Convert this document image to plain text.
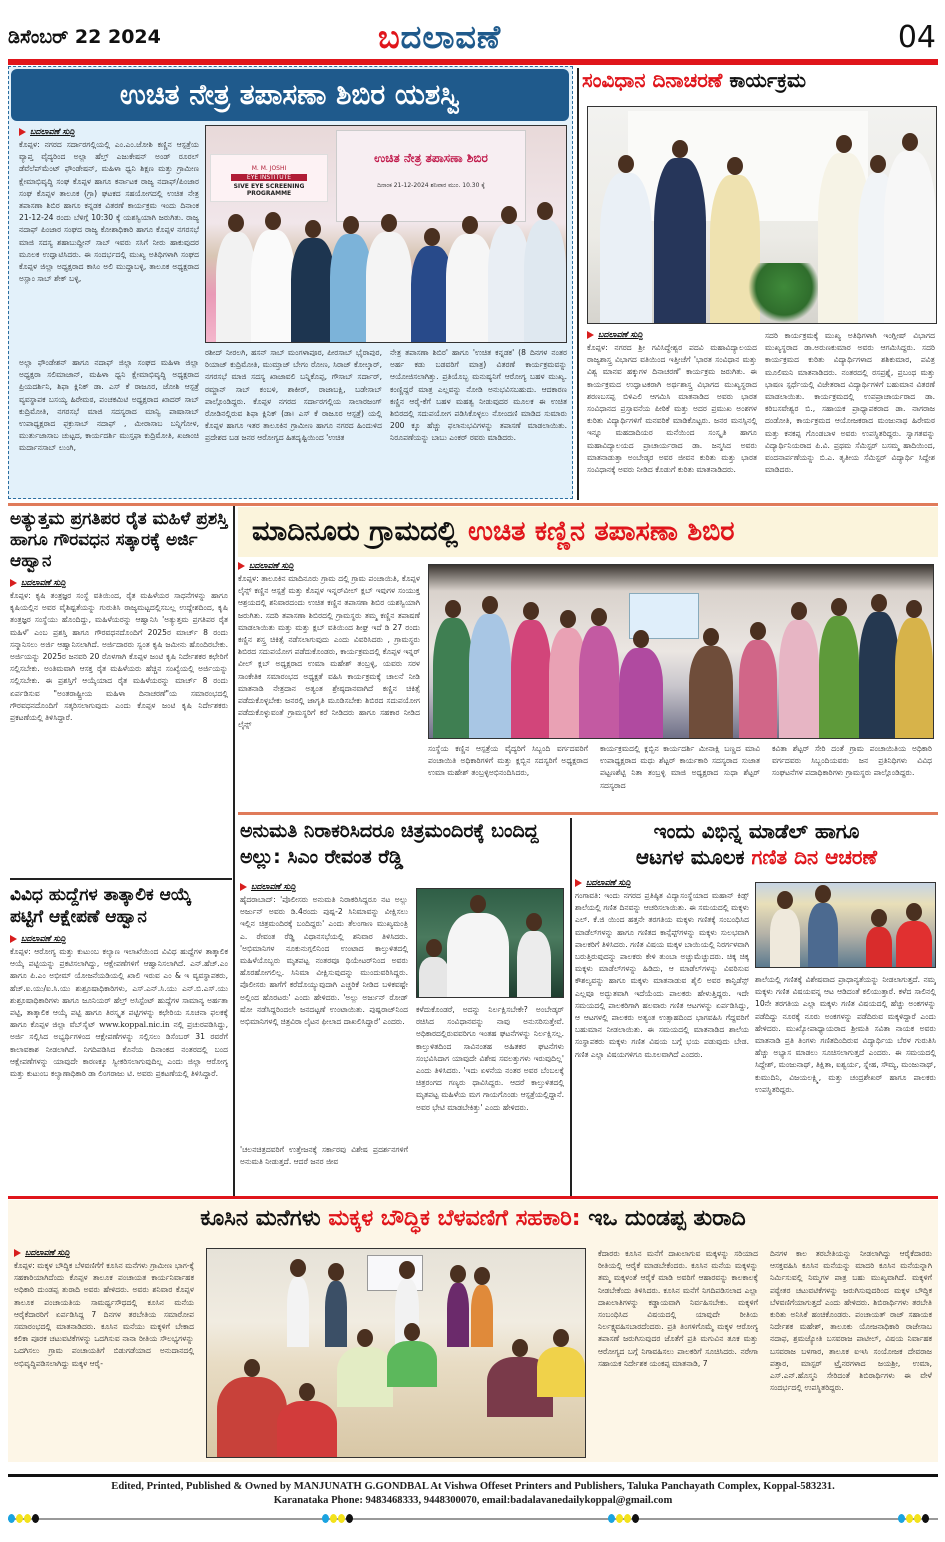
ಡಿಸೆಂಬರ್ 22 2024	ಬದಲಾವಣೆ	04
ಉಚಿತ ನೇತ್ರ ತಪಾಸಣಾ ಶಿಬಿರ ಯಶಸ್ವಿ
ಬದಲಾವಣೆ ಸುದ್ದಿ
ಕೊಪ್ಪಳ: ನಗರದ ಸರ್ದಾರಗಲ್ಲಿಯಲ್ಲಿ ಎಂ.ಎಂ.ಜೋಶಿ ಕಣ್ಣಿನ ಆಸ್ಪತ್ರೆಯ ವ್ಯಾಪ್ತ ವೈದ್ಯರಿಂದ ಅಲ್ಲಾ ಹೆಲ್ತ್ ಎಜುಕೇಷನ್ ಅಂಡ್ ರೂರಲ್ ಡೆವೆಲೆಪ್‌ಮೆಂಟ್ ಫೌಂಡೇಷನ್, ಮಹಿಳಾ ಧ್ವನಿ ಶಿಕ್ಷಣ ಮತ್ತು ಗ್ರಾಮೀಣ ಕ್ಷೇಮಾಭಿವೃದ್ಧಿ ಸಂಘ ಕೊಪ್ಪಳ ಹಾಗೂ ಕರ್ನಾಟಕ ರಾಜ್ಯ ನದಾಫ್/ಪಿಂಜಾರ ಸಂಘ ಕೊಪ್ಪಳ ತಾಲೂಕ (ಗ್ರಾ) ಘಟಕದ ಸಹಯೋಗದಲ್ಲಿ ಉಚಿತ ನೇತ್ರ ತಪಾಸಣಾ ಶಿಬಿರ ಹಾಗೂ ಕನ್ನಡಕ ವಿತರಣೆ ಕಾರ್ಯಕ್ರಮ ಇಂದು ದಿನಾಂಕ 21-12-24 ರಂದು ಬೆಳಿಗ್ಗೆ 10:30 ಕ್ಕೆ ಯಶಸ್ವಿಯಾಗಿ ಜರುಗಿತು. ರಾಜ್ಯ ನದಾಫ್ ಪಿಂಜಾರ ಸಂಘದ ರಾಜ್ಯ ಕೋಶಾಧಿಕಾರಿ ಹಾಗೂ ಕೊಪ್ಪಳ ನಗರಸಭೆ ಮಾಜಿ ಸದಸ್ಯ ಶಹಾಬುದ್ದೀನ್ ಸಾಬ್ ಇವರು ಸಸಿಗೆ ನೀರು ಹಾಕುವುದರ ಮೂಲಕ ಉದ್ಘಾಟಿಸಿದರು. ಈ ಸಂದರ್ಭದಲ್ಲಿ ಮುಖ್ಯ ಅತಿಥಿಗಳಾಗಿ ಸಂಘದ ಕೊಪ್ಪಳ ಜಿಲ್ಲಾ ಅಧ್ಯಕ್ಷರಾದ ಕಾಸಿಂ ಅಲಿ ಮುದ್ದಾಬಳ್ಳಿ, ತಾಲೂಕ ಅಧ್ಯಕ್ಷರಾದ ಅಸ್ಲಾಂ ಸಾಬ್ ಶೇಕ್ ಬಳ್ಳಿ,
ಉಚಿತ ನೇತ್ರ ತಪಾಸಣಾ ಶಿಬಿರ
ದಿನಾಂಕ 21-12-2024 ಶನಿವಾರ ಮುಂ. 10.30 ಕ್ಕೆ
M. M. JOSHI
EYE INSTITUTE
SIVE EYE SCREENING PROGRAMME
ರಶೀದ್ ನೀರಲಗಿ, ಹಸನ್ ಸಾಬ್ ಮಂಗಳಾಪೂರ, ಪೀರಸಾಬ್ ಭೈರಾಪುರ, ರಿಯಾಜ್ ಕುದ್ರಿಮೋತಿ, ಮುಮ್ತಾಜ್ ಬೇಗಂ ರೋಣ, ಸಿರಾಜ್ ಕೋಲ್ಕಾರ್, ನಗರಸಭೆ ಮಾಜಿ ಸದಸ್ಯ ಖಾಜಾವಲಿ ಬನ್ನಿಕೊಪ್ಪ, ಗೌಸಾಬ್ ಸರ್ದಾರ್, ರಮ್ಜಾನ್ ಸಾಬ್ ಕಂಬಳಿ, ಶಾಕೀರ್, ರಾಜಾಬಕ್ಷಿ, ಬಡೇಸಾಬ್ ಪಾಲ್ಗೊಂಡಿದ್ದರು. ಕೊಪ್ಪಳ ನಗರದ ಸರ್ದಾರಗಲ್ಲಿಯ ಸಾಲಾರಜಂಗ್ ರೋಡಿನಲ್ಲಿರುವ ಶಿಫಾ ಕ್ಲಿನಿಕ್ (ಡಾ। ಎಸ್ ಕೆ ರಾಜೂರ ಆಸ್ಪತ್ರೆ) ಯಲ್ಲಿ ಕೊಪ್ಪಳ ಹಾಗೂ ಇತರ ತಾಲೂಕಿನ ಗ್ರಾಮೀಣ ಹಾಗೂ ನಗರದ ಹಿಂದುಳಿದ ಪ್ರದೇಶದ ಬಡ ಜನರ ಆರೋಗ್ಯದ ಹಿತದೃಷ್ಟಿಯಿಂದ 'ಉಚಿತ
ನೇತ್ರ ತಪಾಸಣಾ ಶಿಬಿರ' ಹಾಗೂ 'ಉಚಿತ ಕನ್ನಡಕ' (8 ದಿನಗಳ ನಂತರ ಅರ್ಹ ಕಡು ಬಡವರಿಗೆ ಮಾತ್ರ) ವಿತರಣೆ ಕಾರ್ಯಕ್ರಮವನ್ನು ಆಯೋಜಿಸಲಾಗಿತ್ತು. ಪ್ರತಿಯೊಬ್ಬ ಮನುಷ್ಯನಿಗೆ ಆರೋಗ್ಯ ಬಹಳ ಮುಖ್ಯ. ಕಂಣ್ಣಿದ್ದರೆ ಮಾತ್ರ ಎಲ್ಲವನ್ನು ನೋಡಿ ಅನುಭವಿಸಬಹುದು. ಆದಕಾರಣ ಕಣ್ಣಿನ ಆರೈ-ಕೆಗೆ ಬಹಳ ಮಹತ್ವ ನೀಡುವುದರ ಮೂಲಕ ಈ ಉಚಿತ ಶಿಬಿರದಲ್ಲಿ ಸದುಪಯೋಗ ಪಡಿಸಿಕೊಳ್ಳಲು ನೋಂದಣಿ ಮಾಡಿದ ಸುಮಾರು 200 ಕ್ಕೂ ಹೆಚ್ಚು ಫಲಾನುಭವಿಗಳನ್ನು ತಪಾಸಣೆ ಮಾಡಲಾಯಿತು. ನಿರೂಪಣೆಯನ್ನು ಬಾಬು ಎಂಕರ್ ರವರು ಮಾಡಿದರು.
ಅಲ್ಲಾ ಫೌಂಡೇಶನ್ ಹಾಗೂ ನದಾಫ್ ಜಿಲ್ಲಾ ಸಂಘದ ಮಹಿಳಾ ಜಿಲ್ಲಾ ಅಧ್ಯಕ್ಷರಾ ಸಲಿಮಾಜಾನ್, ಮಹಿಳಾ ಧ್ವನಿ ಕ್ಷೇಮಾಭಿವೃದ್ಧಿ ಅಧ್ಯಕ್ಷರಾದ ಪ್ರಿಯದರ್ಶಿನಿ, ಶಿಫಾ ಕ್ಲಿನಿಕ್ ಡಾ. ಎಸ್ ಕೆ ರಾಜೂರ, ಜೋಶಿ ಆಸ್ಪತ್ರೆ ವ್ಯವಸ್ಥಾಪಕ ಬಸಯ್ಯ ಹಿರೇಮಠ, ಪಂಚಕಮಿಟಿ ಅಧ್ಯಕ್ಷರಾದ ಖಾದರ್ ಸಾಬ್ ಕುದ್ರಿಮೋತಿ, ನಗರಸಭೆ ಮಾಜಿ ಸದಸ್ಯರಾದ ಮಾನ್ವಿ ಪಾಷಾಸಾಬ್ ಉಪಾಧ್ಯಕ್ಷರಾದ ಫಕ್ರುಸಾಬ್ ನದಾಫ್ , ಮೀರಾಸಾಬ ಬನ್ನಿಗೋಳ, ಮುರ್ತುಜಾಸಾಬ ಚುಟ್ಟದ, ಕಾರ್ಯದರ್ಶಿ ಮುಸ್ತಫಾ ಕುದ್ರಿಮೋತಿ, ಖಜಾಂಚಿ ಮರ್ದಾನಸಾಬ್ ಲುಂಗಿ,
ಸಂವಿಧಾನ ದಿನಾಚರಣೆ ಕಾರ್ಯಕ್ರಮ
ಬದಲಾವಣೆ ಸುದ್ದಿ
ಕೊಪ್ಪಳ: ನಗರದ ಶ್ರೀ ಗವಿಸಿದ್ಧೇಶ್ವರ ಪದವಿ ಮಹಾವಿದ್ಯಾಲಯದ ರಾಜ್ಯಶಾಸ್ತ್ರ ವಿಭಾಗದ ವತಿಯಿಂದ ಇತ್ತೀಚೆಗೆ 'ಭಾರತ ಸಂವಿಧಾನ ಮತ್ತು ವಿಶ್ವ ಮಾನವ ಹಕ್ಕುಗಳ ದಿನಾಚರಣೆ' ಕಾರ್ಯಕ್ರಮ ಜರುಗಿತು. ಈ ಕಾರ್ಯಕ್ರಮದ ಉದ್ಘಾಟಕರಾಗಿ ಅರ್ಥಶಾಸ್ತ್ರ ವಿಭಾಗದ ಮುಖ್ಯಸ್ಥರಾದ ಶರಣಬಸಪ್ಪ ಬಿಳಿಎಲಿ ಆಗಮಿಸಿ ಮಾತನಾಡಿದ ಅವರು ಭಾರತ ಸಂವಿಧಾನದ ಪ್ರಸ್ತಾವನೆಯ ಪೀಠಿಕೆ ಮತ್ತು ಅದರ ಪ್ರಮುಖ ಅಂಶಗಳ ಕುರಿತು ವಿದ್ಯಾರ್ಥಿಗಳಿಗೆ ಮನವರಿಕೆ ಮಾಡಿಕೊಟ್ಟರು. ಜನರ ಮನಸ್ಸಿನಲ್ಲಿ ಇನ್ನೂ ಮಹದಾದಿಯರ ಮನೆಯಿಂದ ಸಂಸ್ಕೃತಿ ಹಾಗೂ ಮಹಾವಿದ್ಯಾಲಯದ ಪ್ರಾಚಾರ್ಯರಾದ ಡಾ. ಜನ್ಮಸಿದ ಅವರು ಮಾತನಾಡುತ್ತಾ ಅಂಬೇಡ್ಕರ ಅವರ ಜೀವನ ಕುರಿತು ಮತ್ತು ಭಾರತ ಸಂವಿಧಾನಕ್ಕೆ ಅವರು ನೀಡಿದ ಕೊಡುಗೆ ಕುರಿತು ಮಾತನಾಡಿದರು.
ಸದರಿ ಕಾರ್ಯಕ್ರಮಕ್ಕೆ ಮುಖ್ಯ ಅತಿಥಿಗಳಾಗಿ ಇಂಗ್ಲೀಷ್ ವಿಭಾಗದ ಮುಖ್ಯಸ್ಥರಾದ ಡಾ.ಅರುಣಕುಮಾರ ಅವರು ಆಗಮಿಸಿದ್ದರು. ಸದರಿ ಕಾರ್ಯಕ್ರಮದ ಕುರಿತು ವಿದ್ಯಾರ್ಥಿಗಳಾದ ಶಶಿಕುಮಾರ, ಪವಿತ್ರ ಮೂಲಿಮನಿ ಮಾತನಾಡಿದರು. ನಂತರದಲ್ಲಿ ರಸಪ್ರಶ್ನೆ, ಪ್ರಬಂಧ ಮತ್ತು ಭಾಷಣ ಸ್ಪರ್ಧೆಯಲ್ಲಿ ವಿಜೇತರಾದ ವಿದ್ಯಾರ್ಥಿಗಳಿಗೆ ಬಹುಮಾನ ವಿತರಣೆ ಮಾಡಲಾಯಿತು. ಕಾರ್ಯಕ್ರಮದಲ್ಲಿ ಉಪಪ್ರಾಚಾರ್ಯರಾದ ಡಾ. ಕರಿಬಸವೇಶ್ವರ ಬಿ., ಸಹಾಯಕ ಪ್ರಾಧ್ಯಾಪಕರಾದ ಡಾ. ನಾಗರಾಜ ದಂಡೋತಿ, ಕಾರ್ಯಕ್ರಮದ ಆಯೋಜಕರಾದ ಮಂಜುನಾಥ ಹಿರೇಮಠ ಮತ್ತು ಕನಕಪ್ಪ ಗೊಂಡಬಾಳ ಅವರು ಉಪಸ್ಥಿತರಿದ್ದರು. ಸ್ವಾಗತವನ್ನು ವಿದ್ಯಾರ್ಥಿನಿಯರಾದ ಪಿ.ವಿ. ಪ್ರಥಮ ಸೆಮಿಸ್ಟರ್ ಬಸಮ್ಮ ಹಾದಿಯಿಂದ, ವಂದನಾರ್ಪಣೆಯನ್ನು ಬಿ.ಎ. ತೃತೀಯ ಸೆಮಿಸ್ಟರ್ ವಿದ್ಯಾರ್ಥಿ ಸಿದ್ದೇಶ ಮಾಡಿದರು.
ಅತ್ಯುತ್ತಮ ಪ್ರಗತಿಪರ ರೈತ ಮಹಿಳೆ ಪ್ರಶಸ್ತಿ ಹಾಗೂ ಗೌರವಧನ ಸತ್ಕಾರಕ್ಕೆ ಅರ್ಜಿ ಆಹ್ವಾನ
ಬದಲಾವಣೆ ಸುದ್ದಿ
ಕೊಪ್ಪಳ: ಕೃಷಿ ತಂತ್ರಜ್ಞರ ಸಂಸ್ಥೆ ವತಿಯಿಂದ, ರೈತ ಮಹಿಳೆಯರ ಸಾಧನೆಗಳನ್ನು ಹಾಗೂ ಕೃಷಿಯಲ್ಲಿನ ಅವರ ವೈಶಿಷ್ಟತೆಯನ್ನು ಗುರುತಿಸಿ ರಾಜ್ಯಮಟ್ಟದಲ್ಲಿಸಬಲ್ಲ ಉದ್ದೇಶದಿಂದ, ಕೃಷಿ ತಂತ್ರಜ್ಞರ ಸಂಸ್ಥೆಯು ಹೊಂದಿದ್ದು, ಮಹಿಳೆಯರನ್ನು ಆಹ್ವಾನಿಸಿ 'ಅತ್ಯುತ್ತಮ ಪ್ರಗತಿಪರ ರೈತ ಮಹಿಳೆ' ಎಂಬ ಪ್ರಶಸ್ತಿ ಹಾಗೂ ಗೌರವಧನದೊಂದಿಗೆ 2025ರ ಮಾರ್ಚ್ 8 ರಂದು ಸನ್ಮಾನಿಸಲು ಅರ್ಜಿ ಆಹ್ವಾನಿಸಲಾಗಿದೆ. ಅರ್ಜಿದಾರರು ಸ್ವಂತ ಕೃಷಿ ಜಮೀನು ಹೊಂದಿರಬೇಕು. ಅರ್ಜಿಯನ್ನು 2025ರ ಜನವರಿ 20 ರೊಳಗಾಗಿ ಕೊಪ್ಪಳ ಜಂಟಿ ಕೃಷಿ ನಿರ್ದೇಶಕರ ಕಛೇರಿಗೆ ಸಲ್ಲಿಸಬೇಕು. ಅಂತಿಮವಾಗಿ ಆಸಕ್ತ ರೈತ ಮಹಿಳೆಯರು ಹೆಚ್ಚಿನ ಸಂಖ್ಯೆಯಲ್ಲಿ ಅರ್ಜಿಯನ್ನು ಸಲ್ಲಿಸಬೇಕು. ಈ ಪ್ರಶಸ್ತಿಗೆ ಆಯ್ಕೆಯಾದ ರೈತ ಮಹಿಳೆಯರನ್ನು ಮಾರ್ಚ್ 8 ರಂದು ಏರ್ಪಡಿಸುವ "ಅಂತರಾಷ್ಟ್ರೀಯ ಮಹಿಳಾ ದಿನಾಚರಣೆ"ಯ ಸಮಾರಂಭದಲ್ಲಿ ಗೌರವಧನದೊಂದಿಗೆ ಸತ್ಕರಿಸಲಾಗುವುದು ಎಂದು ಕೊಪ್ಪಳ ಜಂಟಿ ಕೃಷಿ ನಿರ್ದೇಶಕರು ಪ್ರಕಟಣೆಯಲ್ಲಿ ತಿಳಿಸಿದ್ದಾರೆ.
ಮಾದಿನೂರು ಗ್ರಾಮದಲ್ಲಿ ಉಚಿತ ಕಣ್ಣಿನ ತಪಾಸಣಾ ಶಿಬಿರ
ಬದಲಾವಣೆ ಸುದ್ದಿ
ಕೊಪ್ಪಳ: ತಾಲೂಕಿನ ಮಾದಿನೂರು ಗ್ರಾಮ ದಲ್ಲಿ ಗ್ರಾಮ ಪಂಚಾಯಿತಿ, ಕೊಪ್ಪಳ ಲೈನ್ಸ್ ಕಣ್ಣಿನ ಆಸ್ಪತ್ರೆ ಮತ್ತು ಕೊಪ್ಪಳ ಇನ್ನರ್‌ವೀಲ್ ಕ್ಲಬ್ ಇವುಗಳ ಸಂಯುಕ್ತ ಆಶ್ರಯದಲ್ಲಿ ಶನಿವಾರದಂದು ಉಚಿತ ಕಣ್ಣಿನ ತಪಾಸಣಾ ಶಿಬಿರ ಯಶಸ್ವಿಯಾಗಿ ಜರುಗಿತು. ಸದರಿ ತಪಾಸಣಾ ಶಿಬಿರದಲ್ಲಿ ಗ್ರಾಮಸ್ಥರು ತಮ್ಮ ಕಣ್ಣಿನ ತಪಾಷಣೆ ಮಾಡಲಾಯಿತು ಮತ್ತು ಮತ್ತು ಕ್ಲಬ್ ವತಿಯಿಂದ ಶೀಘ್ರ ಇದೆ ಡಿ 27 ರಂದು ಕಣ್ಣಿನ ಶಸ್ತ್ರ ಚಿಕಿತ್ಸೆ ನಡೆಸಲಾಗುವುದು ಎಂದು ವಿವರಿಸಿದರು , ಗ್ರಾಮಸ್ಥರು ಶಿಬಿರದ ಸದುಪಯೋಗ ಪಡೆದುಕೊಂಡರು, ಕಾರ್ಯಕ್ರಮದಲ್ಲಿ ಕೊಪ್ಪಳ ಇನ್ನರ್ ವೀಲ್ ಕ್ಲಬ್ ಅಧ್ಯಕ್ಷರಾದ ಉಮಾ ಮಹೇಶ್ ತಂಬ್ರಳ್ಳಿ, ಯವರು ಸರಳ ಸಾಂಕೇತಿಕ ಸಮಾರಂಭದ ಅಧ್ಯಕ್ಷತೆ ವಹಿಸಿ ಕಾರ್ಯಕ್ರಮಕ್ಕೆ ಚಾಲನೆ ನೀಡಿ ಮಾತನಾಡಿ ನೇತ್ರದಾನ ಅತ್ಯಂತ ಶ್ರೇಷ್ಠದಾನವಾಗಿದೆ ಕಣ್ಣಿನ ಚಿಕಿತ್ಸೆ ಪಡೆದುಕೊಳ್ಳಬೇಕು ಜನರಲ್ಲಿ ಜಾಗೃತಿ ಮೂಡಿಸಬೇಕು ಶಿಬಿರದ ಸದುಪಯೋಗ ಪಡೆದುಕೊಳ್ಳುವಂತೆ ಗ್ರಾಮಸ್ಥರಿಗೆ ಕರೆ ನೀಡಿದರು ಹಾಗೂ ಸಹಕಾರ ನೀಡಿದ ಲೈನ್ಸ್
ಸಂಸ್ಥೆಯ ಕಣ್ಣಿನ ಆಸ್ಪತ್ರೆಯ ವೈದ್ಯರಿಗೆ ಸಿಬ್ಬಂದಿ ವರ್ಗದವರಿಗೆ ಪಂಚಾಯಿತಿ ಅಧಿಕಾರಿಗಳಿಗೆ ಮತ್ತು ಕ್ಲಬ್ಬಿನ ಸದಸ್ಯರಿಗೆ ಅಧ್ಯಕ್ಷರಾದ ಉಮಾ ಮಹೇಶ್ ತಂಬ್ರಳ್ಳಿಅಭಿನಂದಿಸಿದರು,
ಕಾರ್ಯಕ್ರಮದಲ್ಲಿ ಕ್ಲಬ್ಬಿನ ಕಾರ್ಯದರ್ಶಿ ಮೀನಾಕ್ಷಿ ಬಣ್ಣದ ಮಾವಿ ಉಪಾಧ್ಯಕ್ಷರಾದ ಮಧು ಶೆಟ್ಟರ್ ಕಾರ್ಯಕಾರಿ ಸದಸ್ಯರಾದ ಸುಜಾತ ಪಟ್ಟಣಶೆಟ್ಟಿ ನಿತಾ ತಂಬ್ರಳ್ಳಿ ಮಾಜಿ ಅಧ್ಯಕ್ಷರಾದ ಸುಧಾ ಶೆಟ್ಟರ್ ಸದಸ್ಯರಾದ
ಕವಿತಾ ಶೆಟ್ಟರ್ ಸೇರಿ ದಂತೆ ಗ್ರಾಮ ಪಂಚಾಯಿತಿಯ ಅಧಿಕಾರಿ ವರ್ಗದವರು ಸಿಬ್ಬಂದಿಯವರು ಜನ ಪ್ರತಿನಿಧಿಗಳು ವಿವಿಧ ಸಂಘಟನೆಗಳ ಪದಾಧಿಕಾರಿಗಳು ಗ್ರಾಮಸ್ಥರು ಪಾಲ್ಗೊಂಡಿದ್ದರು.
ವಿವಿಧ ಹುದ್ದೆಗಳ ತಾತ್ಕಾಲಿಕ ಆಯ್ಕೆ ಪಟ್ಟಿಗೆ ಆಕ್ಷೇಪಣೆ ಆಹ್ವಾನ
ಬದಲಾವಣೆ ಸುದ್ದಿ
ಕೊಪ್ಪಳ: ಆರೋಗ್ಯ ಮತ್ತು ಕುಟುಂಬ ಕಲ್ಯಾಣ ಇಲಾಖೆಯಿಂದ ವಿವಿಧ ಹುದ್ದೆಗಳ ತಾತ್ಕಾಲಿಕ ಆಯ್ಕೆ ಪಟ್ಟಿಯನ್ನು ಪ್ರಕಟಿಸಲಾಗಿದ್ದು, ಆಕ್ಷೇಪಣೆಗಳಿಗೆ ಆಹ್ವಾನಿಸಲಾಗಿದೆ. ಎನ್.ಹೆಚ್.ಎಂ ಹಾಗೂ ಪಿ.ಎಂ ಅಭೀಮ್ ಯೋಜನೆಯಡಿಯಲ್ಲಿ ಖಾಲಿ ಇರುವ ಎಂ & ಇ ವ್ಯವಸ್ಥಾಪಕರು, ಹೆಚ್.ಐ.ಯು/ಐ.ಸಿ.ಯು ಶುಶ್ರೂಷಾಧಿಕಾರಿಗಳು, ಎಸ್.ಎನ್.ಸಿ.ಯು ಎನ್.ಬಿ.ಎಸ್.ಯು ಶುಶ್ರೂಷಾಧಿಕಾರಿಗಳು ಹಾಗೂ ಜೂನಿಯರ್ ಹೆಲ್ತ್ ಅಸಿಸ್ಟೆಂಟ್ ಹುದ್ದೆಗಳ ಸಾಮಾನ್ಯ ಅರ್ಹತಾ ಪಟ್ಟಿ, ತಾತ್ಕಾಲಿಕ ಆಯ್ಕೆ ಪಟ್ಟಿ ಹಾಗೂ ತಿರಸ್ಕೃತ ಪಟ್ಟಿಗಳನ್ನು ಕಛೇರಿಯ ಸೂಚನಾ ಫಲಕಕ್ಕೆ ಹಾಗೂ ಕೊಪ್ಪಳ ಜಿಲ್ಲಾ ವೆಬ್‌ಸೈಟ್ www.koppal.nic.in ನಲ್ಲಿ ಪ್ರಚುರಪಡಿಸಿದ್ದು, ಅರ್ಜಿ ಸಲ್ಲಿಸಿದ ಅಭ್ಯರ್ಥಿಗಳಿಂದ ಆಕ್ಷೇಪಣೆಗಳನ್ನು ಸಲ್ಲಿಸಲು ಡಿಸೆಂಬರ್ 31 ರವರೆಗೆ ಕಾಲಾವಕಾಶ ನೀಡಲಾಗಿದೆ. ನಿಗದಿಪಡಿಸಿದ ಕೊನೆಯ ದಿನಾಂಕದ ನಂತರದಲ್ಲಿ ಬಂದ ಆಕ್ಷೇಪಣೆಗಳನ್ನು ಯಾವುದೇ ಕಾರಣಕ್ಕೂ ಸ್ವೀಕರಿಸಲಾಗುವುದಿಲ್ಲ ಎಂದು ಜಿಲ್ಲಾ ಆರೋಗ್ಯ ಮತ್ತು ಕುಟುಂಬ ಕಲ್ಯಾಣಾಧಿಕಾರಿ ಡಾ ಲಿಂಗರಾಜು ಟಿ. ಅವರು ಪ್ರಕಟಣೆಯಲ್ಲಿ ತಿಳಿಸಿದ್ದಾರೆ.
ಅನುಮತಿ ನಿರಾಕರಿಸಿದರೂ ಚಿತ್ರಮಂದಿರಕ್ಕೆ ಬಂದಿದ್ದ ಅಲ್ಲು: ಸಿಎಂ ರೇವಂತ ರೆಡ್ಡಿ
ಬದಲಾವಣೆ ಸುದ್ದಿ
ಹೈದರಾಬಾದ್: 'ಪೊಲೀಸರು ಅನುಮತಿ ನಿರಾಕರಿಸಿದ್ದರೂ ನಟ ಅಲ್ಲು ಅರ್ಜುನ್ ಅವರು ಡಿ.4ರಂದು ಪುಷ್ಪ-2 ಸಿನಿಮಾವನ್ನು ವೀಕ್ಷಿಸಲು ಇಲ್ಲಿನ ಚಿತ್ರಮಂದಿರಕ್ಕೆ ಬಂದಿದ್ದರು' ಎಂದು ತೆಲಂಗಾಣ ಮುಖ್ಯಮಂತ್ರಿ ಎ. ರೇವಂತ ರೆಡ್ಡಿ ವಿಧಾನಸಭೆಯಲ್ಲಿ ಶನಿವಾರ ತಿಳಿಸಿದರು. 'ಅಭಿಮಾನಿಗಳ ನೂಕುನುಗ್ಗಲಿನಿಂದ ಉಂಟಾದ ಕಾಲ್ತುಳಿತದಲ್ಲಿ ಮಹಿಳೆಯೊಬ್ಬರು ಮೃತಪಟ್ಟ ನಂತರವೂ ಥಿಯೇಟರ್‌ನಿಂದ ಅವರು ಹೊರಹೋಗಲಿಲ್ಲ. ಸಿನಿಮಾ ವೀಕ್ಷಿಸುವುದನ್ನು ಮುಂದುವರಿಸಿದ್ದರು. ಪೊಲೀಸರು ಹಾಗೆಗೆ ಕರೆದೊಯ್ಯುವುದಾಗಿ ಎಚ್ಚರಿಕೆ ನೀಡಿದ ಬಳಿಕವಷ್ಟೇ ಅಲ್ಲಿಂದ ಹೊರಟರು' ಎಂದು ಹೇಳಿದರು. 'ಅಲ್ಲು ಅರ್ಜುನ್ ರೋಡ್ ಷೋ ನಡೆಸಿದ್ದರಿಂದಲೇ ಜನದಟ್ಟಣೆ ಉಂಟಾಯಿತು. ಪುಷ್ಪರಾಜ್‌ನಿಂದ ಅಭಿಮಾನಿಗಳಲ್ಲಿ ಚಿತ್ರವಿರಾ ಲೈಟನ ಫೀಲಾದ ದಾಖಲಿಸಿದ್ದಾರೆ' ಎಂದರು.
'ಚಲನಚಿತ್ರದವರಿಗೆ ಉತ್ತೇಜನಕ್ಕೆ ಸರ್ಕಾರವು ವಿಶೇಷ ಪ್ರದರ್ಶನಗಳಿಗೆ ಅನುಮತಿ ನೀಡುತ್ತದೆ. ಆದರೆ ಜನರ ಜೀವ
ಕಳೆದುಕೊಂಡರೆ, ಅದನ್ನು ನಿರ್ಲಕ್ಷಿಸಬೇಕೇ? ಅಂಬೇಡ್ಕರ್ ರಚಿಸಿದ ಸಂವಿಧಾನವನ್ನು ನಾವು ಅನುಸರಿಸುತ್ತೇವೆ. ಅಧಿಕಾರದಲ್ಲಿರುವವರಿಗೂ ಇಂತಹ ಘಟನೆಗಳನ್ನು ನಿರ್ಲಕ್ಷಿಸಲ್ಲ. ಕಾಲ್ತುಳಿತದಿಂದ ಸಾವಿನಂತಹ ಅಹಿತಕರ ಘಟನೆಗಳು ಸಂಭವಿಸಿದಾಗ ಯಾವುದೇ ವಿಶೇಷ ಸವಲತ್ತುಗಳು ಇರುವುದಿಲ್ಲ' ಎಂದು ತಿಳಿಸಿದರು. 'ಇದು ಏಳನೆಯ ನಂತರ ಅವರ ಬೆಂಬಲಕ್ಕೆ ಚಿತ್ರರಂಗದ ಗಣ್ಯರು ಧಾವಿಸಿದ್ದರು. ಆದರೆ ಕಾಲ್ತುಳಿತದಲ್ಲಿ ಮೃತಪಟ್ಟ ಮಹಿಳೆಯ ಮಗ ಗಾಯಗೊಂಡು ಆಸ್ಪತ್ರೆಯಲ್ಲಿದ್ದಾನೆ. ಅವರ ಭೇಟಿ ಮಾಡಬೇಕಿತ್ತು' ಎಂದು ಹೇಳಿದರು.
ಇಂದು ವಿಭಿನ್ನ ಮಾಡೆಲ್ ಹಾಗೂ
ಆಟಗಳ ಮೂಲಕ ಗಣಿತ ದಿನ ಆಚರಣೆ
ಬದಲಾವಣೆ ಸುದ್ದಿ
ಗಂಗಾವತಿ: ಇಂದು ನಗರದ ಪ್ರತಿಷ್ಠಿತ ವಿದ್ಯಾಸಂಸ್ಥೆಯಾದ ಮಹಾನ್ ಕಿಡ್ಸ್ ಶಾಲೆಯಲ್ಲಿ ಗಣಿತ ದಿನವನ್ನು ಆಚರಿಸಲಾಯಿತು. ಈ ಸಮಯದಲ್ಲಿ ಮಕ್ಕಳು ಎಲ್. ಕೆ.ಜಿ ಯಿಂದ ಹತ್ತನೇ ತರಗತಿಯ ಮಕ್ಕಳು ಗಣಿತಕ್ಕೆ ಸಂಬಂಧಿಸಿದ ಮಾಡೆಲ್‌ಗಳನ್ನು ಹಾಗೂ ಗಣಿತದ ಕಾನ್ಸೆಪ್ಟ್‌ಗಳನ್ನು ಮಕ್ಕಳು ಸುಲಭವಾಗಿ ಪಾಲಕರಿಗೆ ತಿಳಿಸಿದರು. ಗಣಿತ ವಿಷಯ ಮಕ್ಕಳ ಬಾಯಿಯಲ್ಲಿ ನಿರರ್ಗಳವಾಗಿ ಬರುತ್ತಿರುವುದನ್ನು ಪಾಲಕರು ಕೇಳಿ ತುಂಬಾ ಅಚ್ಚುಮೆಚ್ಚುದರು. ಚಿಕ್ಕ ಚಿಕ್ಕ ಮಕ್ಕಳು ಮಾಡೆಲ್‌ಗಳನ್ನು ಹಿಡಿದು, ಆ ಮಾಡೆಲ್‌ಗಳನ್ನು ವಿವರಿಸುವ ಕೌಶಲ್ಯವನ್ನು ಹಾಗೂ ಮಕ್ಕಳು ಮಾತನಾಡುವ ಶೈಲಿ ಅವರ ಕಾನ್ಫಿಡೆನ್ಸ್ ಎಲ್ಲವೂ ಅದ್ಭುತವಾಗಿ ಇದೆಯೆಂದು ಪಾಲಕರು ಹೇಳುತ್ತಿದ್ದರು. ಇದೇ ಸಮಯದಲ್ಲಿ ಪಾಲಕರಿಗಾಗಿ ಹಲವಾರು ಗಣಿತ ಆಟಗಳನ್ನು ಏರ್ಪಡಿಸಿದ್ದು, ಆ ಆಟಗಳಲ್ಲಿ ಪಾಲಕರು ಅತ್ಯಂತ ಉತ್ಸಾಹದಿಂದ ಭಾಗವಹಿಸಿ ಗೆದ್ದವರಿಗೆ ಬಹುಮಾನ ನೀಡಲಾಯಿತು. ಈ ಸಮಯದಲ್ಲಿ ಮಾತನಾಡಿದ ಶಾಲೆಯ ಸಂಸ್ಥಾಪಕರು ಮಕ್ಕಳು ಗಣಿತ ವಿಷಯ ಬಗ್ಗೆ ಭಯ ಪಡುವುದು ಬೇಡ. ಗಣಿತ ಎಲ್ಲಾ ವಿಷಯಗಳಿಗೂ ಮೂಲವಾಗಿದೆ ಎಂದರು.
ಶಾಲೆಯಲ್ಲಿ ಗಣಿತಕ್ಕೆ ವಿಶೇಷವಾದ ಪ್ರಾಧಾನ್ಯತೆಯನ್ನು ನೀಡಲಾಗುತ್ತದೆ. ನಮ್ಮ ಮಕ್ಕಳು ಗಣಿತ ವಿಷಯವನ್ನ ಆಟ ಆಡಿದಂತೆ ಕಲಿಯುತ್ತಾರೆ. ಕಳೆದ ಸಾಲಿನಲ್ಲಿ 10ನೇ ತರಗತಿಯ ಎಲ್ಲಾ ಮಕ್ಕಳು ಗಣಿತ ವಿಷಯದಲ್ಲಿ ಹೆಚ್ಚು ಅಂಕಗಳನ್ನು ಪಡೆದಿದ್ದು ನೂರಕ್ಕೆ ನೂರು ಅಂಕಗಳನ್ನು ಪಡೆದಿರುವ ಮಕ್ಕಳಿದ್ದಾರೆ ಎಂದು ಹೇಳಿದರು. ಮುಖ್ಯೋಪಾಧ್ಯಾಯರಾದ ಶ್ರೀಮತಿ ಸವಿತಾ ನಾಯಕ ಅವರು ಮಾತನಾಡಿ ಪ್ರತಿ ತಿಂಗಳು ಗಣಿತದಿಂದಿರುವ ವಿದ್ಯಾರ್ಥಿಯ ಬೆರಳ ಗುರುತಿಸಿ ಹೆಚ್ಚು ಅಭ್ಯಾಸ ಮಾಡಲು ಸೂಚಿಸಲಾಗುತ್ತದೆ ಎಂದರು. ಈ ಸಮಯದಲ್ಲಿ ಸಿದ್ದೇಶ್, ಮಂಜುನಾಥ್, ತಿಕ್ಷಿತಾ, ಐಶ್ವರ್ಯ, ಸ್ನೇಹ, ಸೌಮ್ಯ, ಮಂಜುನಾಥ್, ಕುಮುದಿನಿ, ವಿಜಯಲಕ್ಷ್ಮಿ, ಮತ್ತು ಚಂದ್ರಶೇಖರ್ ಹಾಗೂ ಪಾಲಕರು ಉಪಸ್ಥಿತರಿದ್ದರು.
ಕೂಸಿನ ಮನೆಗಳು ಮಕ್ಕಳ ಬೌದ್ಧಿಕ ಬೆಳವಣಿಗೆ ಸಹಕಾರಿ: ಇಒ ದುಂಡಪ್ಪ ತುರಾದಿ
ಬದಲಾವಣೆ ಸುದ್ದಿ
ಕೊಪ್ಪಳ: ಮಕ್ಕಳ ಬೌದ್ಧಿಕ ಬೆಳವಣಿಗೆಗೆ ಕೂಸಿನ ಮನೆಗಳು ಗ್ರಾಮೀಣ ಭಾಗ-ಕ್ಕೆ ಸಹಕಾರಿಯಾಗಿದೆಂದು ಕೊಪ್ಪಳ ತಾಲೂಕ ಪಂಚಾಯತ ಕಾರ್ಯನಿರ್ವಾಹಕ ಅಧಿಕಾರಿ ದುಂಡಪ್ಪ ತುರಾದಿ ಅವರು ಹೇಳಿದರು. ಅವರು ಶನಿವಾರ ಕೊಪ್ಪಳ ತಾಲೂಕ ಪಂಚಾಯತಿಯ ಸಾಮರ್ಥ್ಯಸೌಧದಲ್ಲಿ ಕೂಸಿನ ಮನೆಯ ಆರೈಕೆದಾರರಿಗೆ ಏರ್ಪಡಿಸಿದ್ದ 7 ದಿನಗಳ ತರಬೇತಿಯ ಸಮಾರೋಪ ಸಮಾರಂಭದಲ್ಲಿ ಮಾತನಾಡಿದರು. ಕೂಸಿನ ಮನೆಯು ಮಕ್ಕಳಿಗೆ ಬೇಕಾದ ಕಲಿಕಾ ಪೂರಕ ಚಟುವಟಿಕೆಗಳನ್ನು ಒದಗಿಸುವ ನಾನಾ ರೀತಿಯ ಸೌಲಭ್ಯಗಳನ್ನು ಒದಗಿಸಲು ಗ್ರಾಮ ಪಂಚಾಯತಿಗೆ ಬಿಡುಗಡೆಯಾದ ಅನುದಾನದಲ್ಲಿ ಅಭಿವೃದ್ಧಿಪಡಿಸಲಾಗಿದ್ದು ಮಕ್ಕಳ ಆರೈ-
ಕೆದಾರರು ಕೂಸಿನ ಮನೆಗೆ ದಾಖಲಾಗುವ ಮಕ್ಕಳನ್ನು ಸರಿಯಾದ ರೀತಿಯಲ್ಲಿ ಆರೈಕೆ ಮಾಡಬೇಕೆಂದರು. ಕೂಸಿನ ಮನೆಯ ಮಕ್ಕಳನ್ನು ತಮ್ಮ ಮಕ್ಕಳಂತೆ ಆರೈಕೆ ಮಾಡಿ ಅವರಿಗೆ ಆಹಾರವನ್ನು ಕಾಲಕಾಲಕ್ಕೆ ನೀಡಬೇಕೆಂದು ತಿಳಿಸಿದರು. ಕೂಸಿನ ಮನೆಗೆ ನಿಗದಿಪಡಿಸಲಾದ ಎಲ್ಲಾ ದಾಖಲಾತಿಗಳನ್ನು ಕಡ್ಡಾಯವಾಗಿ ನಿರ್ವಹಿಸಬೇಕು. ಮಕ್ಕಳಿಗೆ ಸಂಬಂಧಿಸಿದ ವಿಷಯದಲ್ಲಿ ಯಾವುದೇ ರೀತಿಯ ನಿರ್ಲಕ್ಷ್ಯವಹಿಸಬಾರದೆಂದರು. ಪ್ರತಿ ತಿಂಗಳಿಗೊಮ್ಮೆ ಮಕ್ಕಳ ಆರೋಗ್ಯ ತಪಾಸಣೆ ಜರುಗಿಸುವುದರ ಜೊತೆಗೆ ಪ್ರತಿ ಮಗುವಿನ ತೂಕ ಮತ್ತು ಆರೋಗ್ಯದ ಬಗ್ಗೆ ನಿಗಾವಹಿಸಲು ಪಾಲಕರಿಗೆ ಸೂಚಿಸಿದರು. ನರೇಗಾ ಸಹಾಯಕ ನಿರ್ದೇಶಕ ಯಂಕಪ್ಪ ಮಾತನಾಡಿ, 7
ದಿನಗಳ ಕಾಲ ತರಬೇತಿಯನ್ನು ನೀಡಲಾಗಿದ್ದು ಆರೈಕೆದಾರರು ಆಸಕ್ತವಹಿಸಿ ಕೂಸಿನ ಮನೆಯನ್ನು ಮಾದರಿ ಕೂಸಿನ ಮನೆಯನ್ನಾಗಿ ನಿರ್ಮಿಸುವಲ್ಲಿ ನಿಮ್ಮಗಳ ಪಾತ್ರ ಬಹು ಮುಖ್ಯವಾಗಿದೆ. ಮಕ್ಕಳಿಗೆ ಪಠ್ಯೇತರ ಚಟುವಟಿಕೆಗಳನ್ನು ಜರುಗಿಸುವುದರಿಂದ ಮಕ್ಕಳ ಬೌದ್ಧಿಕ ಬೆಳವಣಿಗೆಯಾಗುತ್ತದೆ ಎಂದು ಹೇಳಿದರು. ಶಿಬಿರಾರ್ಥಿಗಳು ತರಬೇತಿ ಕುರಿತು ಅನಿಸಿಕೆ ಹಂಚಿಕೊಂಡರು. ಪಂಚಾಯತ್ ರಾಜ್ ಸಹಾಯಕ ನಿರ್ದೇಶಕ ಮಹೇಶ್, ತಾಲೂಕು ಯೋಜನಾಧಿಕಾರಿ ರಾಜೇಸಾಬ ನದಾಫ, ಶ್ರಮಜ್ಯೋತಿ ಬಸವರಾಜ ಪಾಟೀಲ್, ವಿಷಯ ನಿರ್ವಾಹಕ ಬಸವರಾಜ ಬಳಗಾರ, ತಾಲೂಕ ಐಇಸಿ ಸಂಯೋಜಕ ದೇವರಾಜ ಪತ್ತಾರ, ಮಾಸ್ಟರ್ ಟ್ರೈನರಗಳಾದ ಜಯಶ್ರೀ, ಉಮಾ, ಎಸ್.ಎನ್.ಹೊಸ್ಮನಿ ಸೇರಿದಂತೆ ಶಿಬಿರಾರ್ಥಿಗಳು ಈ ವೇಳೆ ಸಂದರ್ಭದಲ್ಲಿ ಉಪಸ್ಥಿತರಿದ್ದರು.
Edited, Printed, Published & Owned by MANJUNATH G.GONDBAL At Vishwa Offeset Printers and Publishers, Taluka Panchayath Complex, Koppal-583231.
Karanataka Phone: 9483468333, 9448300070, email:badalavanedailykoppal@gmail.com
